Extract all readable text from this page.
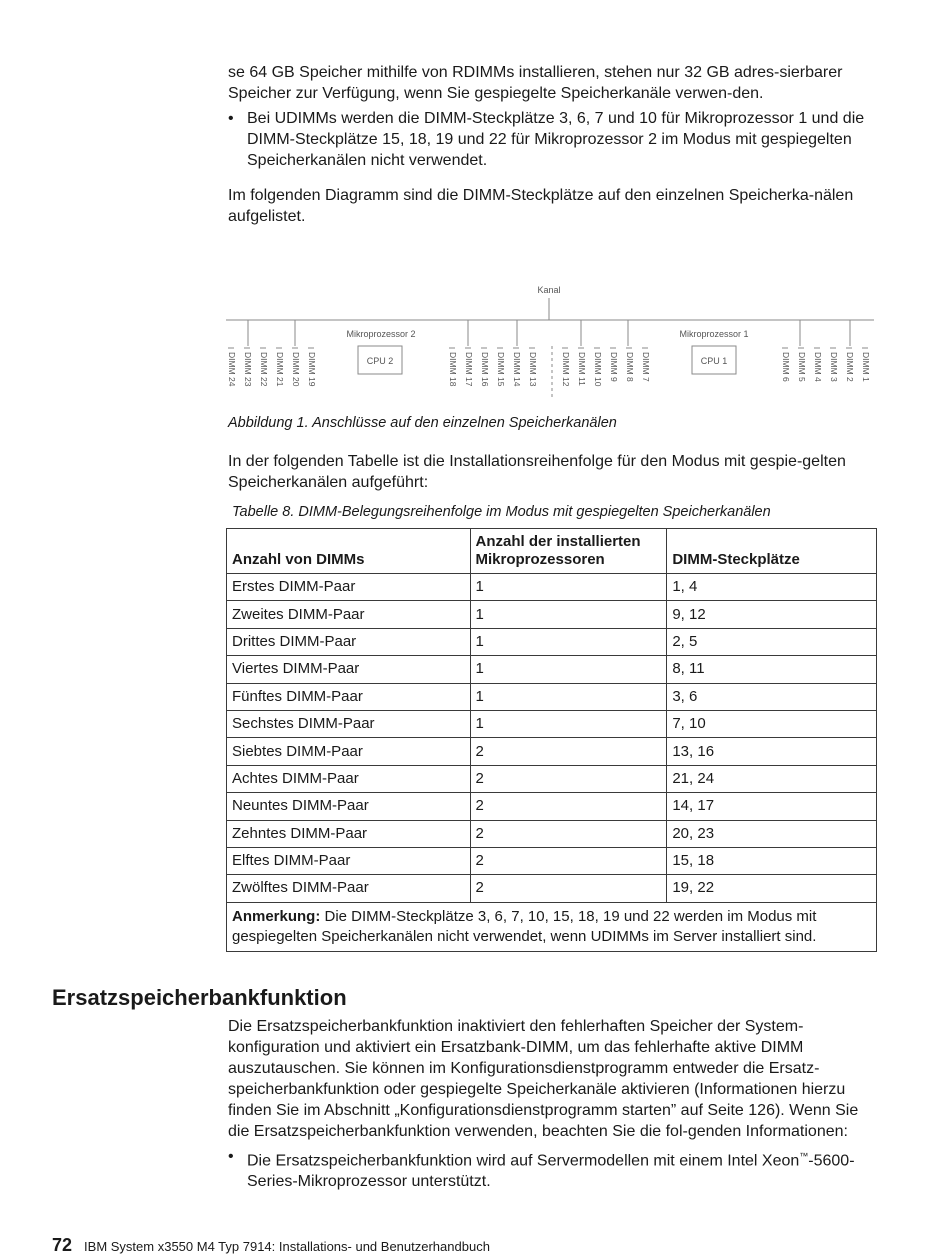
se 64 GB Speicher mithilfe von RDIMMs installieren, stehen nur 32 GB adres-sierbarer Speicher zur Verfügung, wenn Sie gespiegelte Speicherkanäle verwen-den.

• Bei UDIMMs werden die DIMM-Steckplätze 3, 6, 7 und 10 für Mikroprozessor 1 und die DIMM-Steckplätze 15, 18, 19 und 22 für Mikroprozessor 2 im Modus mit gespiegelten Speicherkanälen nicht verwendet.

Im folgenden Diagramm sind die DIMM-Steckplätze auf den einzelnen Speicherka-nälen aufgelistet.

Kanal
Mikroprozessor 2	Mikroprozessor 1
CPU 2	CPU 1
DIMM 24 DIMM 23 DIMM 22 DIMM 21 DIMM 20 DIMM 19	DIMM 18 DIMM 17 DIMM 16 DIMM 15 DIMM 14 DIMM 13	DIMM 12 DIMM 11 DIMM 10 DIMM 9 DIMM 8 DIMM 7	DIMM 6 DIMM 5 DIMM 4 DIMM 3 DIMM 2 DIMM 1
Abbildung 1. Anschlüsse auf den einzelnen Speicherkanälen
In der folgenden Tabelle ist die Installationsreihenfolge für den Modus mit gespie-gelten Speicherkanälen aufgeführt:
Tabelle 8. DIMM-Belegungsreihenfolge im Modus mit gespiegelten Speicherkanälen
Anzahl von DIMMs	Anzahl der installierten Mikroprozessoren	DIMM-Steckplätze
Erstes DIMM-Paar	1	1, 4
Zweites DIMM-Paar	1	9, 12
Drittes DIMM-Paar	1	2, 5
Viertes DIMM-Paar	1	8, 11
Fünftes DIMM-Paar	1	3, 6
Sechstes DIMM-Paar	1	7, 10
Siebtes DIMM-Paar	2	13, 16
Achtes DIMM-Paar	2	21, 24
Neuntes DIMM-Paar	2	14, 17
Zehntes DIMM-Paar	2	20, 23
Elftes DIMM-Paar	2	15, 18
Zwölftes DIMM-Paar	2	19, 22
Anmerkung: Die DIMM-Steckplätze 3, 6, 7, 10, 15, 18, 19 und 22 werden im Modus mit gespiegelten Speicherkanälen nicht verwendet, wenn UDIMMs im Server installiert sind.		
Ersatzspeicherbankfunktion

Die Ersatzspeicherbankfunktion inaktiviert den fehlerhaften Speicher der System-konfiguration und aktiviert ein Ersatzbank-DIMM, um das fehlerhafte aktive DIMM auszutauschen. Sie können im Konfigurationsdienstprogramm entweder die Ersatz-speicherbankfunktion oder gespiegelte Speicherkanäle aktivieren (Informationen hierzu finden Sie im Abschnitt „Konfigurationsdienstprogramm starten” auf Seite 126). Wenn Sie die Ersatzspeicherbankfunktion verwenden, beachten Sie die fol-genden Informationen:

• Die Ersatzspeicherbankfunktion wird auf Servermodellen mit einem Intel Xeon™-5600-Series-Mikroprozessor unterstützt.

72 IBM System x3550 M4 Typ 7914: Installations- und Benutzerhandbuch
